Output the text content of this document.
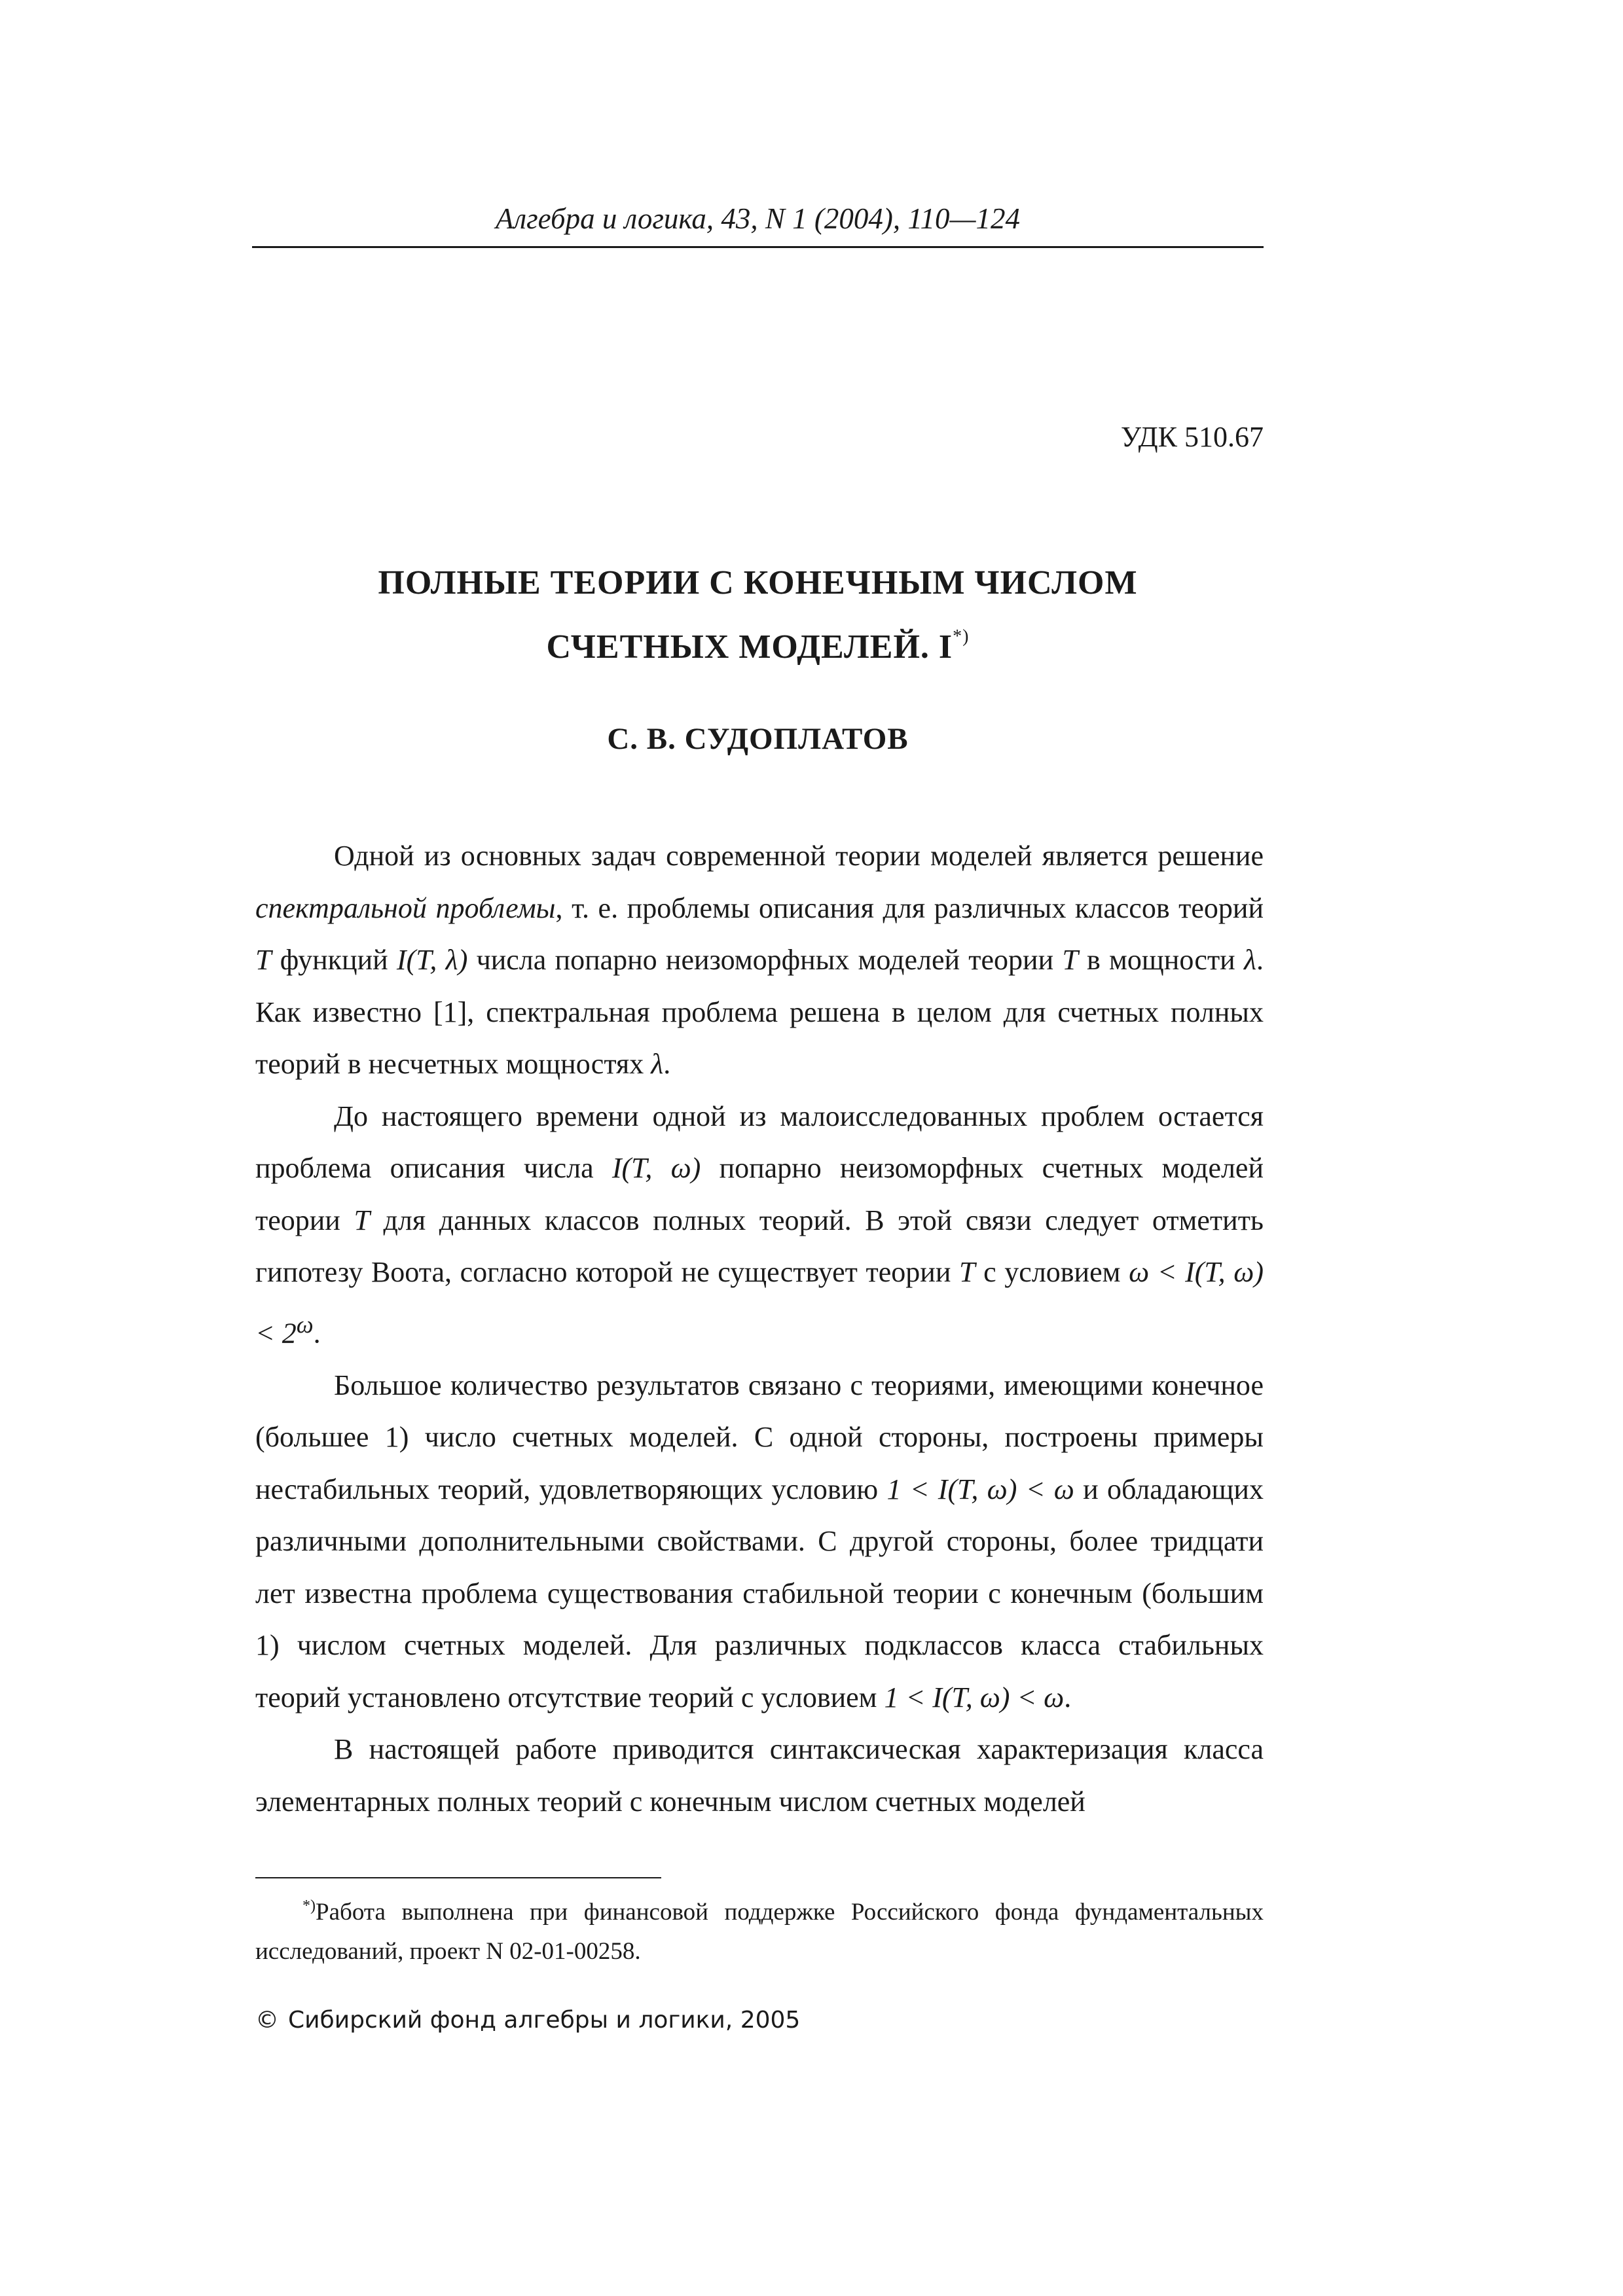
Алгебра и логика, 43, N 1 (2004), 110—124
УДК 510.67
ПОЛНЫЕ ТЕОРИИ С КОНЕЧНЫМ ЧИСЛОМ
СЧЕТНЫХ МОДЕЛЕЙ. I*)
С. В. СУДОПЛАТОВ

Одной из основных задач современной теории моделей является решение спектральной проблемы, т. е. проблемы описания для различных классов теорий T функций I(T, λ) числа попарно неизоморфных моделей теории T в мощности λ. Как известно [1], спектральная проблема решена в целом для счетных полных теорий в несчетных мощностях λ.

До настоящего времени одной из малоисследованных проблем остается проблема описания числа I(T, ω) попарно неизоморфных счетных моделей теории T для данных классов полных теорий. В этой связи следует отметить гипотезу Воота, согласно которой не существует теории T с условием ω < I(T, $\omega) < 2^\omega$.

Большое количество результатов связано с теориями, имеющими конечное (большее 1) число счетных моделей. С одной стороны, построены примеры нестабильных теорий, удовлетворяющих условию 1 < I(T, ω) < ω и обладающих различными дополнительными свойствами. С другой стороны, более тридцати лет известна проблема существования стабильной теории с конечным (большим 1) числом счетных моделей. Для различных подклассов класса стабильных теорий установлено отсутствие теорий с условием 1 < I(T, ω) < ω.

В настоящей работе приводится синтаксическая характеризация класса элементарных полных теорий с конечным числом счетных моделей

*)Работа выполнена при финансовой поддержке Российского фонда фундаментальных исследований, проект N 02-01-00258.
© Сибирский фонд алгебры и логики, 2005
